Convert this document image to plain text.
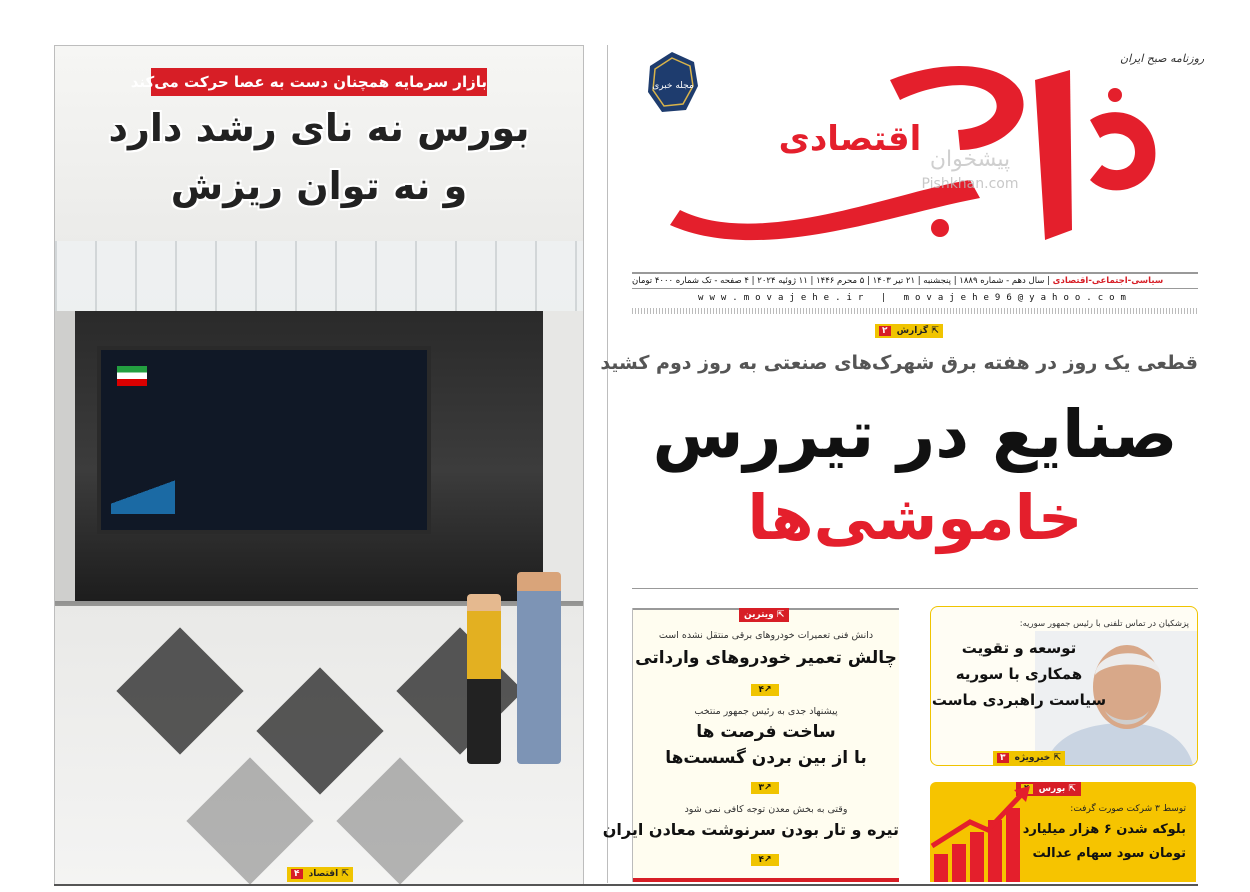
بازار سرمایه همچنان دست به عصا حرکت می‌کند
بورس نه نای رشد دارد
و نه توان ریزش
⇱ اقتصاد ۴
روزنامه صبح ایران
مجله خبری
اقتصادی
پیشخوان
Pishkhan.com
سیاسی-اجتماعی-اقتصادی | سال دهم - شماره ۱۸۸۹ | پنجشنبه | ۲۱ تیر ۱۴۰۳ | ۵ محرم ۱۴۴۶ | ۱۱ ژوئیه ۲۰۲۴ | ۴ صفحه - تک شماره ۴۰۰۰ تومان
www.movajehe.ir | movajehe96@yahoo.com
⇱ گزارش ۲
قطعی یک روز در هفته برق شهرک‌های صنعتی به روز دوم کشید
صنایع در تیررس
خاموشی‌ها
⇱ ویترین
دانش فنی تعمیرات خودروهای برقی منتقل نشده است
چالش تعمیر خودروهای وارداتی
↗۴
پیشنهاد جدی به رئیس جمهور منتخب
ساخت فرصت ها
با از بین بردن گسست‌ها
↗۳
وقتی به بخش معدن توجه کافی نمی شود
تیره و تار بودن سرنوشت معادن ایران
↗۴
پزشکیان در تماس تلفنی با رئیس جمهور سوریه:
توسعه و تقویت
همکاری با سوریه
سیاست راهبردی ماست
⇱ خبرویژه ۳
⇱ بورس
توسط ۳ شرکت صورت گرفت:
بلوکه شدن ۶ هزار میلیارد
تومان سود سهام عدالت
